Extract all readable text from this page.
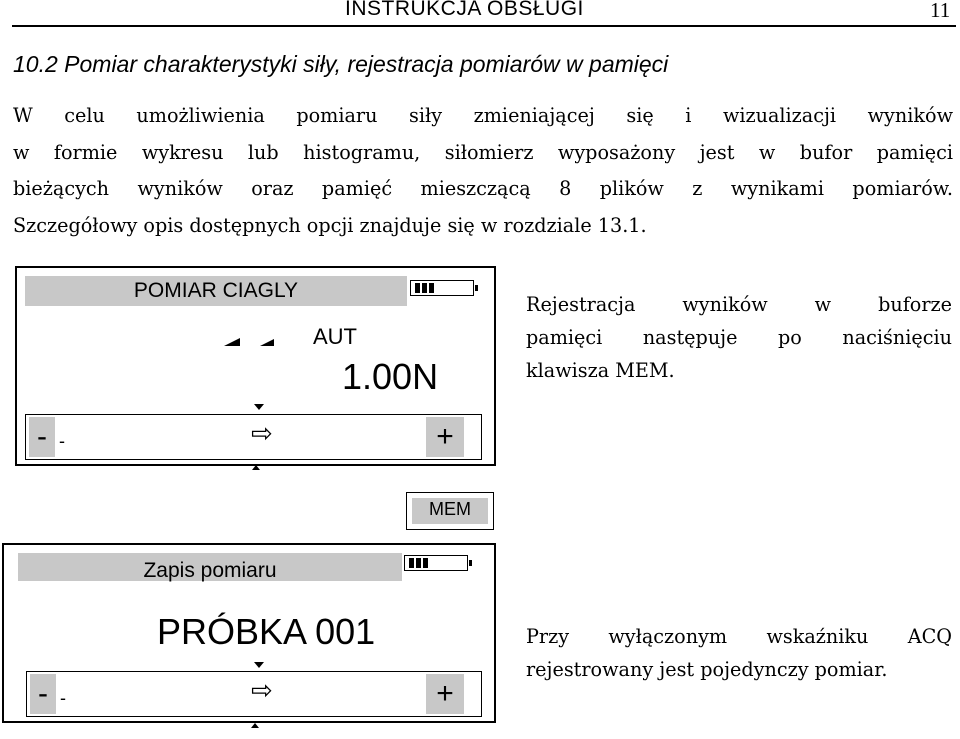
INSTRUKCJA OBSŁUGI	11
10.2 Pomiar charakterystyki siły, rejestracja pomiarów w pamięci
W celu umożliwienia pomiaru siły zmieniającej się i wizualizacji wyników
w formie wykresu lub histogramu, siłomierz wyposażony jest w bufor pamięci
bieżących wyników oraz pamięć mieszczącą 8 plików z wynikami pomiarów.
Szczegółowy opis dostępnych opcji znajduje się w rozdziale 13.1.
POMIAR CIAGLY
AUT
1.00N
- -	⇨	+
MEM
Rejestracja wyników w buforze
pamięci następuje po naciśnięciu
klawisza MEM.
Zapis pomiaru
PRÓBKA 001
- -	⇨	+
Przy wyłączonym wskaźniku ACQ
rejestrowany jest pojedynczy pomiar.
